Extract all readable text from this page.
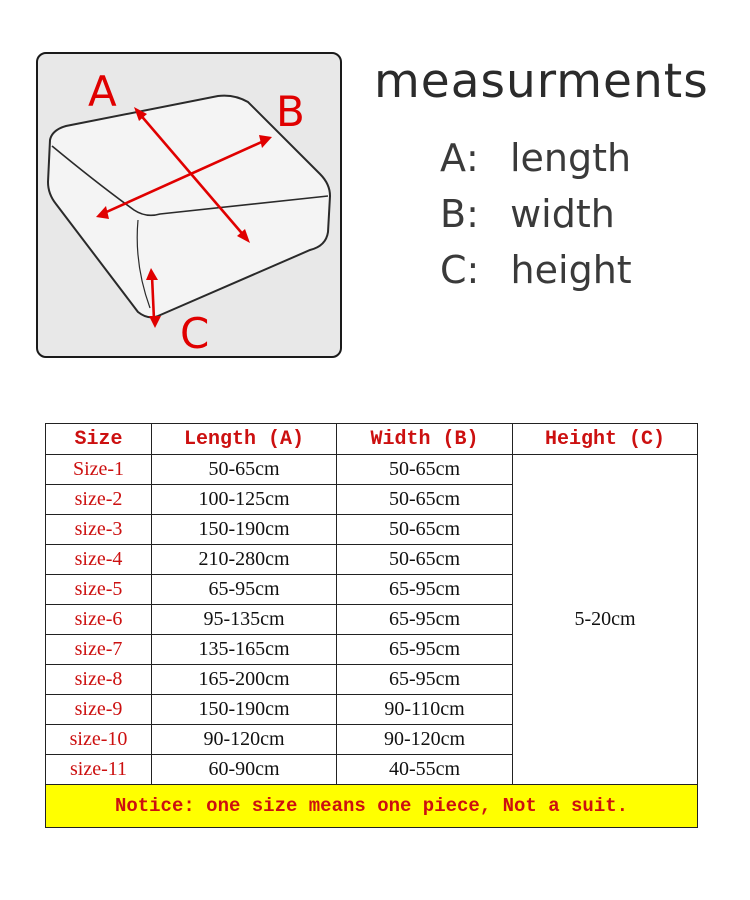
A	B
C
measurments
A: length
B: width
C: height
Size	Length (A)	Width (B)	Height (C)
Size-1	50-65cm	50-65cm	5-20cm
size-2	100-125cm	50-65cm	
size-3	150-190cm	50-65cm	
size-4	210-280cm	50-65cm	
size-5	65-95cm	65-95cm	
size-6	95-135cm	65-95cm	
size-7	135-165cm	65-95cm	
size-8	165-200cm	65-95cm	
size-9	150-190cm	90-110cm	
size-10	90-120cm	90-120cm	
size-11	60-90cm	40-55cm	
Notice: one size means one piece, Not a suit.			
